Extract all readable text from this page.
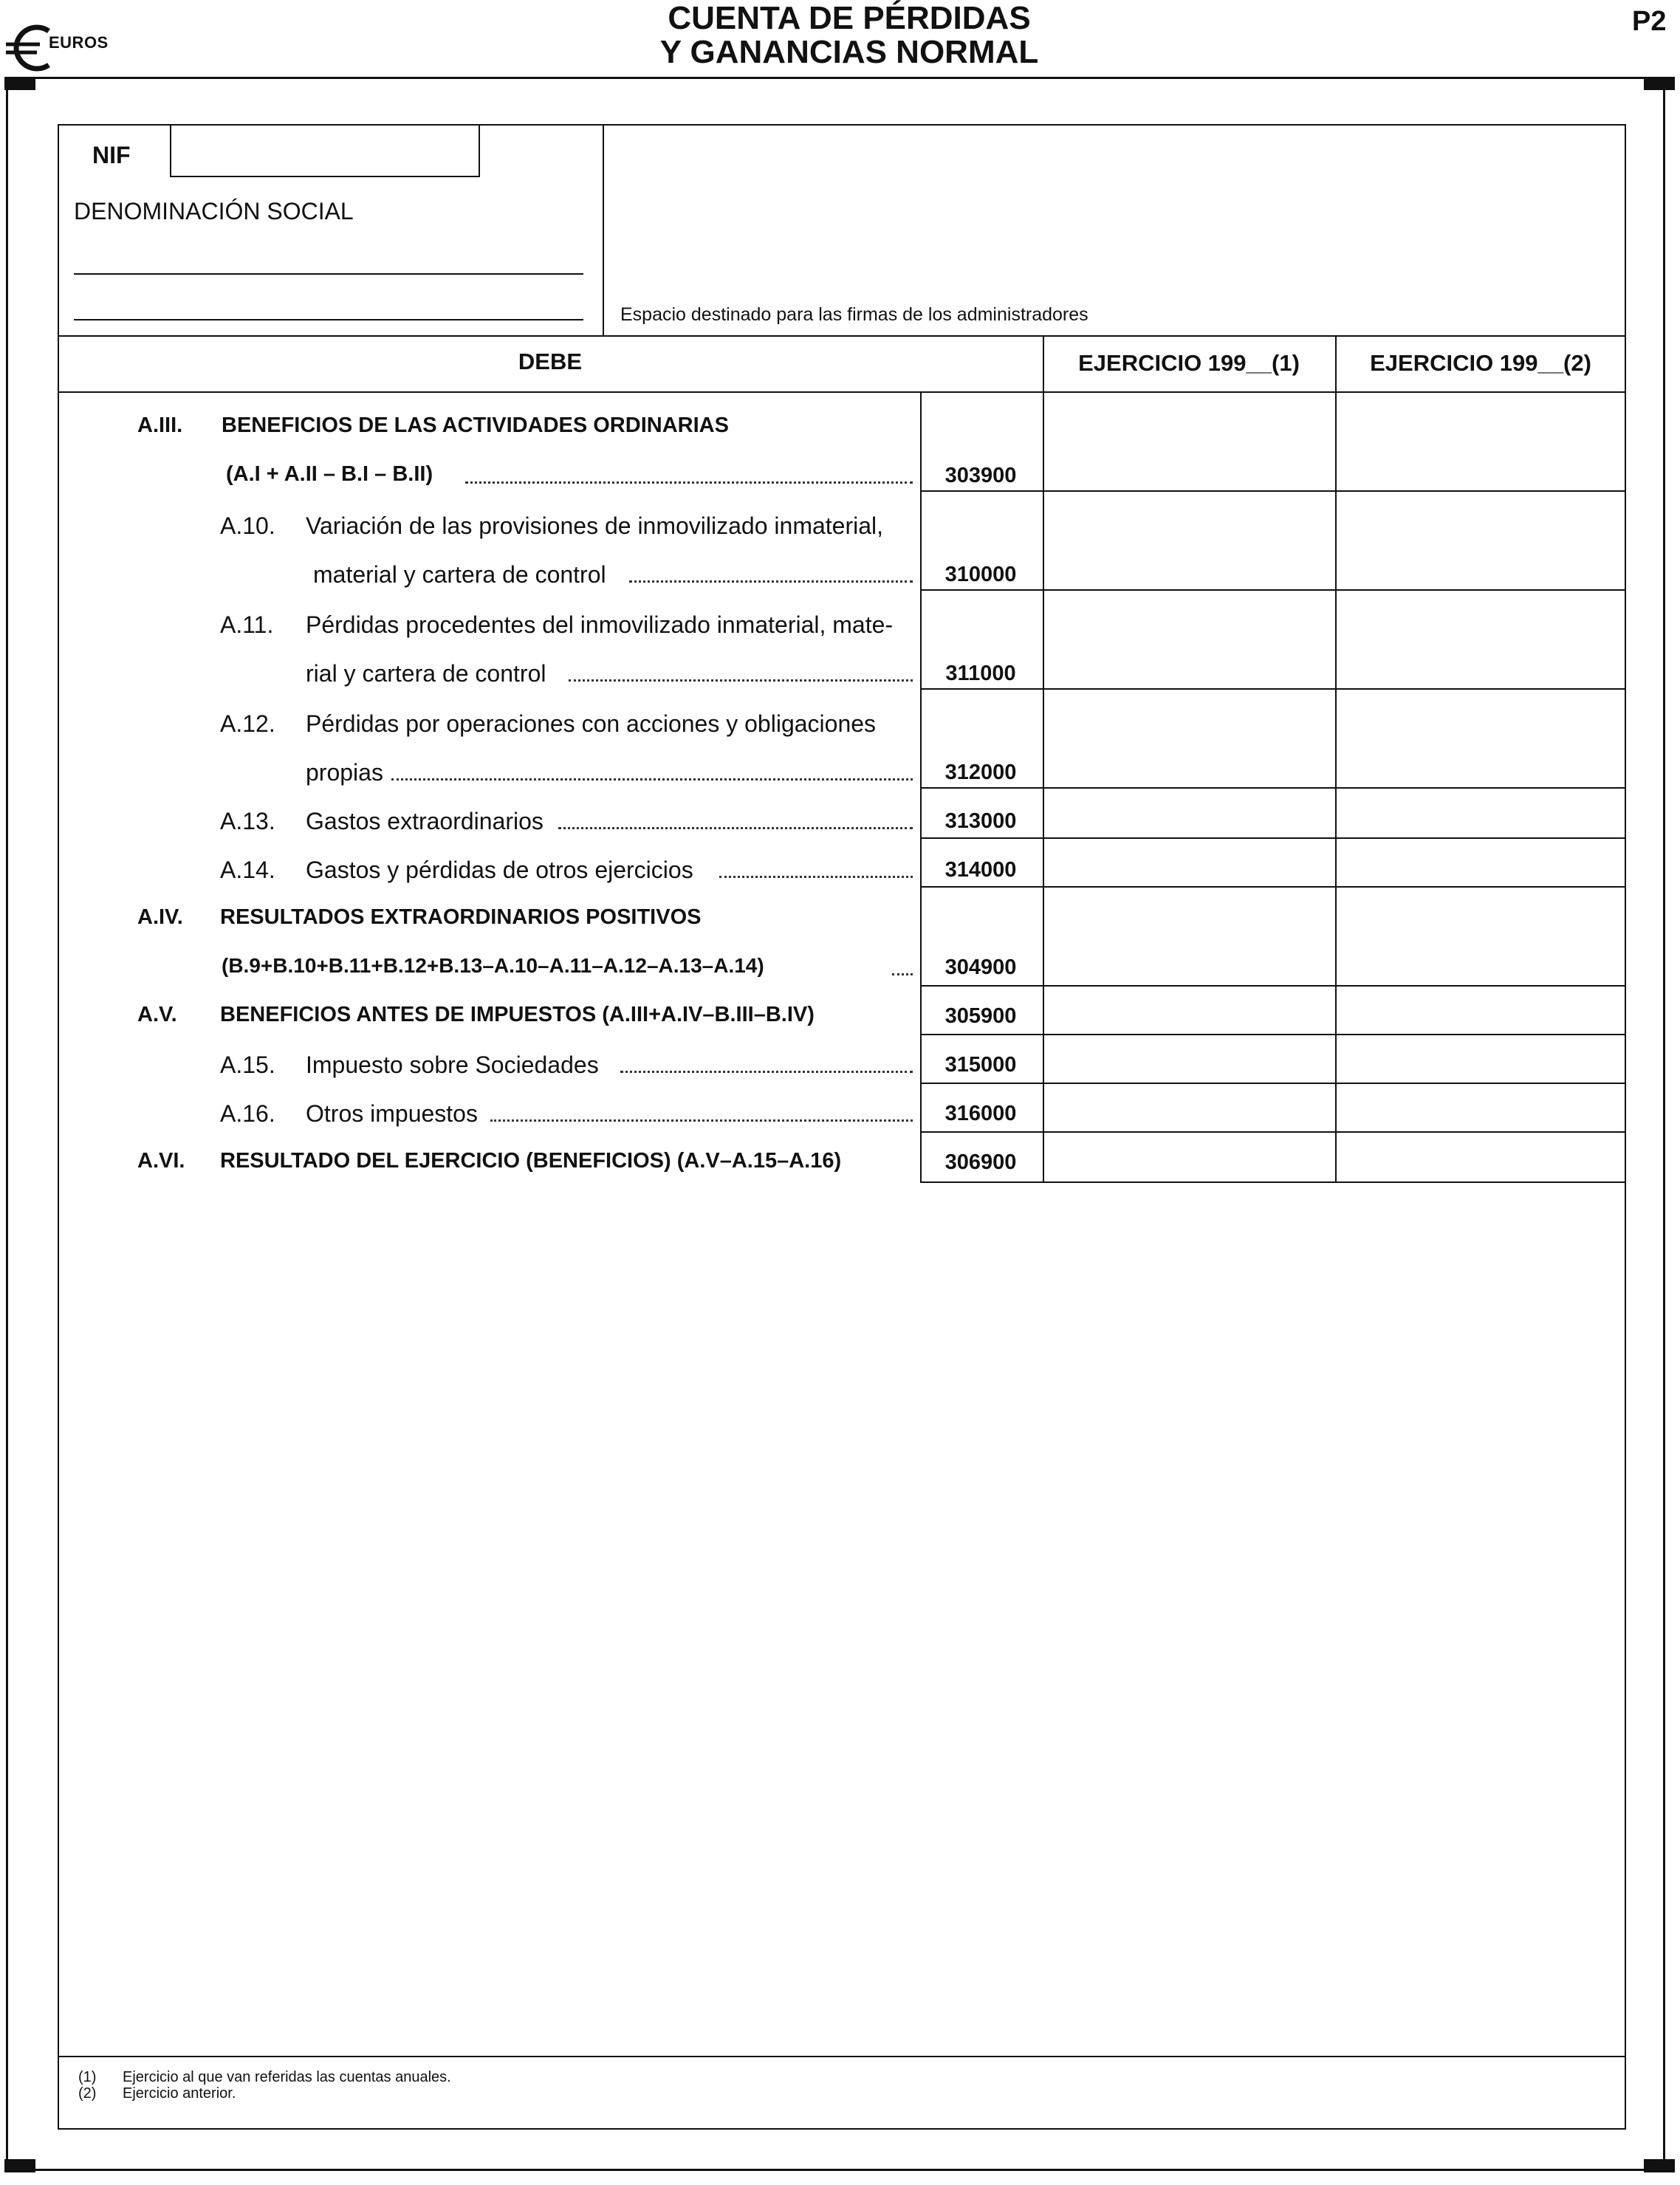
EUROS
CUENTA DE PÉRDIDAS
Y GANANCIAS NORMAL
P2
NIF
DENOMINACIÓN SOCIAL
Espacio destinado para las firmas de los administradores
DEBE	EJERCICIO 199__(1)	EJERCICIO 199__(2)
A.III. BENEFICIOS DE LAS ACTIVIDADES ORDINARIAS
(A.I + A.II – B.I – B.II)	303900
A.10. Variación de las provisiones de inmovilizado inmaterial,
material y cartera de control	310000
A.11. Pérdidas procedentes del inmovilizado inmaterial, mate-
rial y cartera de control	311000
A.12. Pérdidas por operaciones con acciones y obligaciones
propias	312000
A.13. Gastos extraordinarios	313000
A.14. Gastos y pérdidas de otros ejercicios	314000
A.IV. RESULTADOS EXTRAORDINARIOS POSITIVOS
(B.9+B.10+B.11+B.12+B.13–A.10–A.11–A.12–A.13–A.14)	304900
A.V. BENEFICIOS ANTES DE IMPUESTOS (A.III+A.IV–B.III–B.IV)	305900
A.15. Impuesto sobre Sociedades	315000
A.16. Otros impuestos	316000
A.VI. RESULTADO DEL EJERCICIO (BENEFICIOS) (A.V–A.15–A.16)	306900
(1) Ejercicio al que van referidas las cuentas anuales.
(2) Ejercicio anterior.
